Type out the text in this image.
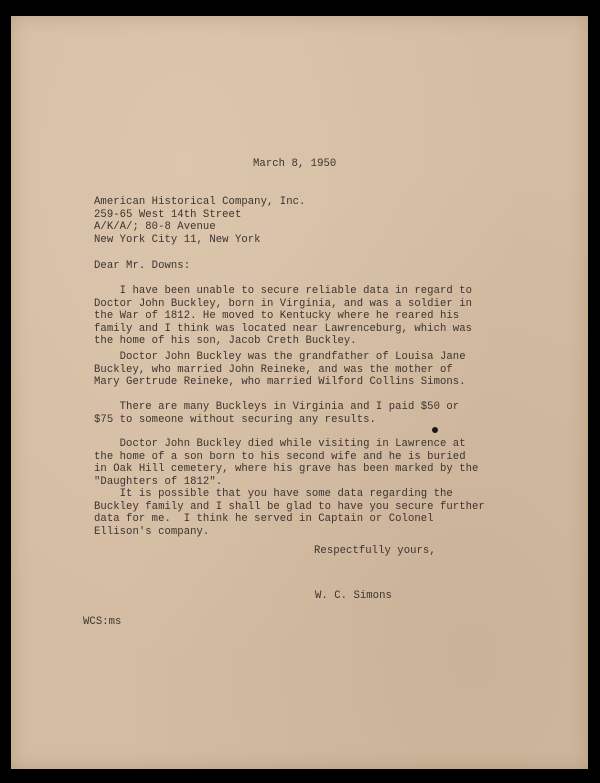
March 8, 1950

American Historical Company, Inc.
259-65 West 14th Street
A/K/A/; 80-8 Avenue
New York City 11, New York

Dear Mr. Downs:

I have been unable to secure reliable data in regard to
Doctor John Buckley, born in Virginia, and was a soldier in
the War of 1812. He moved to Kentucky where he reared his
family and I think was located near Lawrenceburg, which was
the home of his son, Jacob Creth Buckley.

Doctor John Buckley was the grandfather of Louisa Jane
Buckley, who married John Reineke, and was the mother of
Mary Gertrude Reineke, who married Wilford Collins Simons.

There are many Buckleys in Virginia and I paid $50 or
$75 to someone without securing any results.

Doctor John Buckley died while visiting in Lawrence at
the home of a son born to his second wife and he is buried
in Oak Hill cemetery, where his grave has been marked by the
"Daughters of 1812".

It is possible that you have some data regarding the
Buckley family and I shall be glad to have you secure further
data for me.  I think he served in Captain or Colonel
Ellison's company.

Respectfully yours,

W. C. Simons

WCS:ms
